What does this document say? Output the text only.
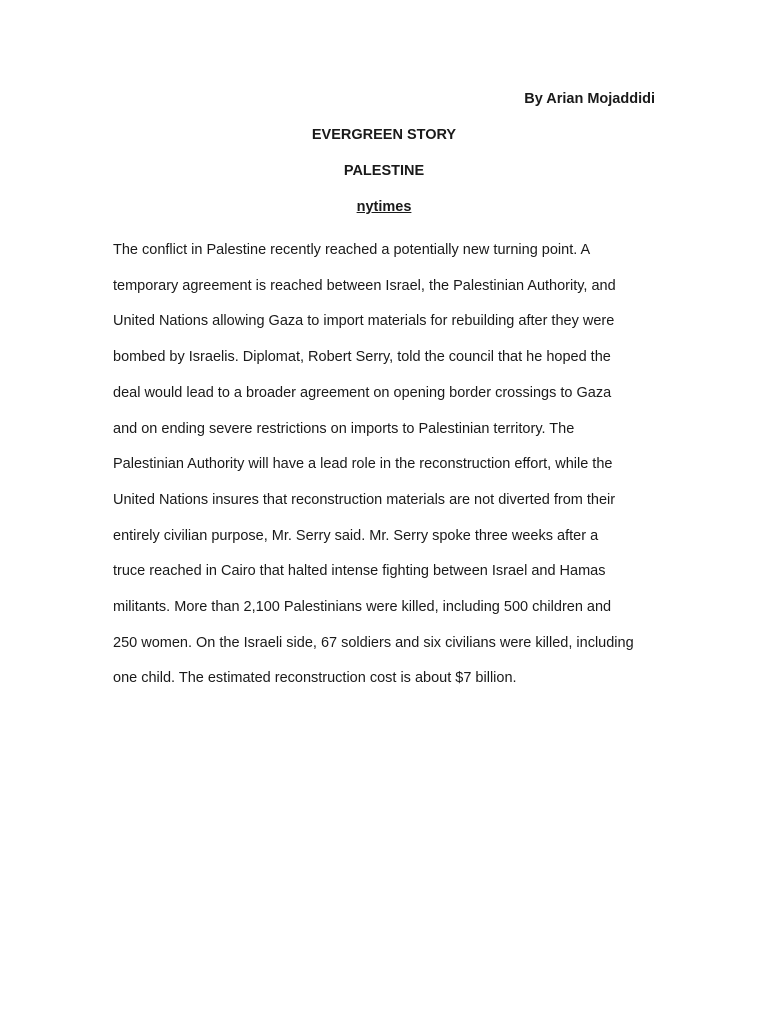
By Arian Mojaddidi
EVERGREEN STORY
PALESTINE
nytimes
The conflict in Palestine recently reached a potentially new turning point. A
temporary agreement is reached between Israel, the Palestinian Authority, and
United Nations allowing Gaza to import materials for rebuilding after they were
bombed by Israelis. Diplomat, Robert Serry, told the council that he hoped the
deal would lead to a broader agreement on opening border crossings to Gaza
and on ending severe restrictions on imports to Palestinian territory. The
Palestinian Authority will have a lead role in the reconstruction effort, while the
United Nations insures that reconstruction materials are not diverted from their
entirely civilian purpose, Mr. Serry said. Mr. Serry spoke three weeks after a
truce reached in Cairo that halted intense fighting between Israel and Hamas
militants. More than 2,100 Palestinians were killed, including 500 children and
250 women. On the Israeli side, 67 soldiers and six civilians were killed, including
one child. The estimated reconstruction cost is about $7 billion.
